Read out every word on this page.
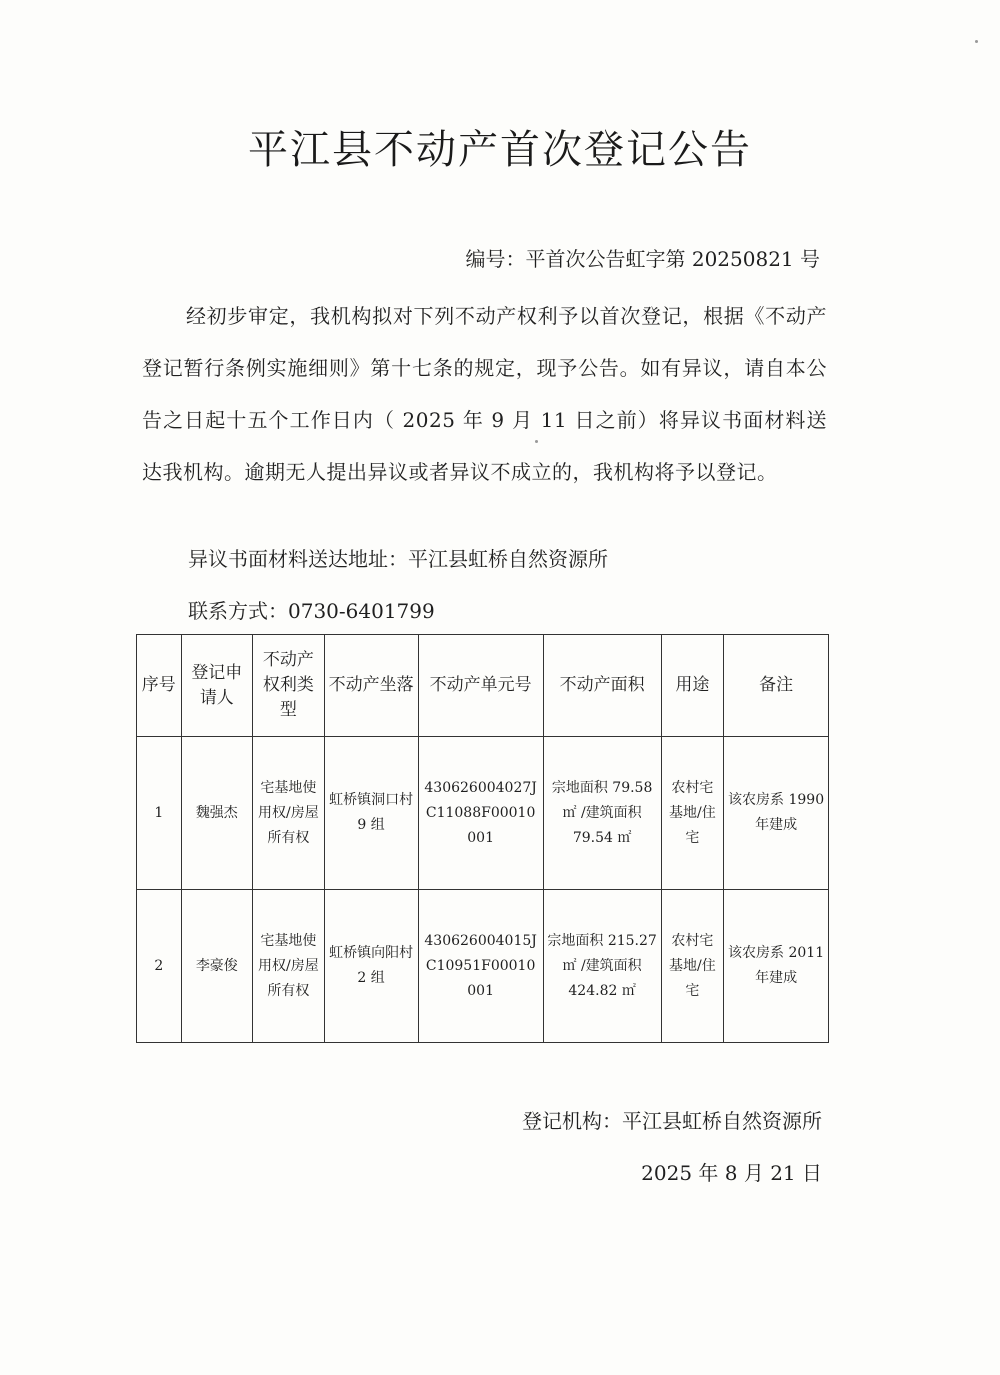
平江县不动产首次登记公告
编号：平首次公告虹字第 20250821 号

经初步审定，我机构拟对下列不动产权利予以首次登记，根据《不动产登记暂行条例实施细则》第十七条的规定，现予公告。如有异议，请自本公告之日起十五个工作日内（ 2025 年 9 月 11 日之前）将异议书面材料送达我机构。逾期无人提出异议或者异议不成立的，我机构将予以登记。

异议书面材料送达地址：平江县虹桥自然资源所
联系方式：0730-6401799
序号	登记申请人	不动产权利类型	不动产坐落	不动产单元号	不动产面积	用途	备注
1	魏强杰	宅基地使用权/房屋所有权	虹桥镇洞口村 9 组	430626004027JC11088F00010001	宗地面积 79.58 ㎡ /建筑面积 79.54 ㎡	农村宅基地/住宅	该农房系 1990 年建成
2	李豪俊	宅基地使用权/房屋所有权	虹桥镇向阳村 2 组	430626004015JC10951F00010001	宗地面积 215.27 ㎡ /建筑面积 424.82 ㎡	农村宅基地/住宅	该农房系 2011 年建成
登记机构：平江县虹桥自然资源所
2025 年 8 月 21 日
